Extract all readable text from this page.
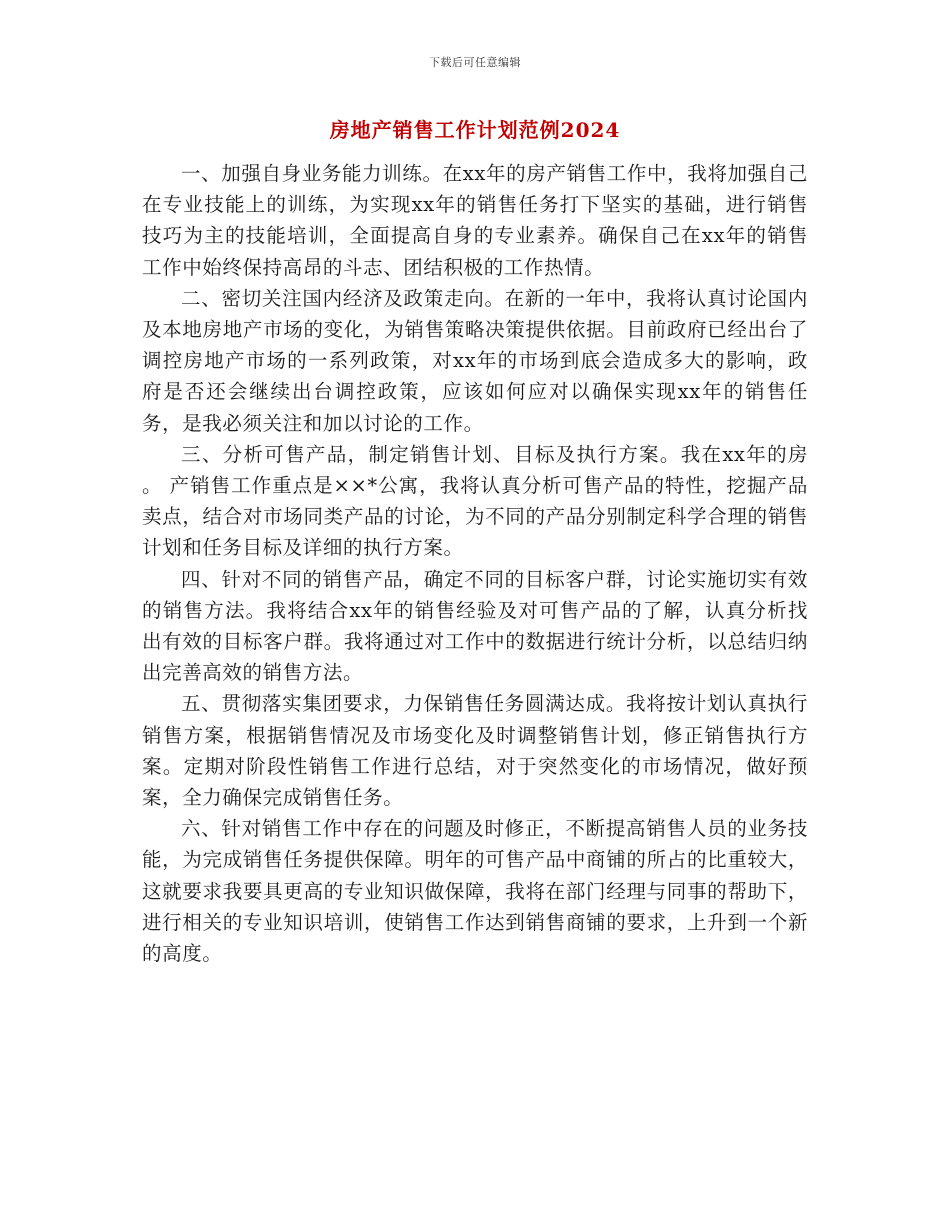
下载后可任意编辑
房地产销售工作计划范例2024

一、加强自身业务能力训练。在xx年的房产销售工作中，我将加强自己在专业技能上的训练，为实现xx年的销售任务打下坚实的基础，进行销售技巧为主的技能培训，全面提高自身的专业素养。确保自己在xx年的销售工作中始终保持高昂的斗志、团结积极的工作热情。

二、密切关注国内经济及政策走向。在新的一年中，我将认真讨论国内及本地房地产市场的变化，为销售策略决策提供依据。目前政府已经出台了调控房地产市场的一系列政策，对xx年的市场到底会造成多大的影响，政府是否还会继续出台调控政策，应该如何应对以确保实现xx年的销售任务，是我必须关注和加以讨论的工作。

三、分析可售产品，制定销售计划、目标及执行方案。我在xx年的房 。 产销售工作重点是××*公寓，我将认真分析可售产品的特性，挖掘产品卖点，结合对市场同类产品的讨论，为不同的产品分别制定科学合理的销售计划和任务目标及详细的执行方案。

四、针对不同的销售产品，确定不同的目标客户群，讨论实施切实有效的销售方法。我将结合xx年的销售经验及对可售产品的了解，认真分析找出有效的目标客户群。我将通过对工作中的数据进行统计分析，以总结归纳出完善高效的销售方法。

五、贯彻落实集团要求，力保销售任务圆满达成。我将按计划认真执行销售方案，根据销售情况及市场变化及时调整销售计划，修正销售执行方案。定期对阶段性销售工作进行总结，对于突然变化的市场情况，做好预案，全力确保完成销售任务。

六、针对销售工作中存在的问题及时修正，不断提高销售人员的业务技能，为完成销售任务提供保障。明年的可售产品中商铺的所占的比重较大，这就要求我要具更高的专业知识做保障，我将在部门经理与同事的帮助下，进行相关的专业知识培训，使销售工作达到销售商铺的要求，上升到一个新的高度。
